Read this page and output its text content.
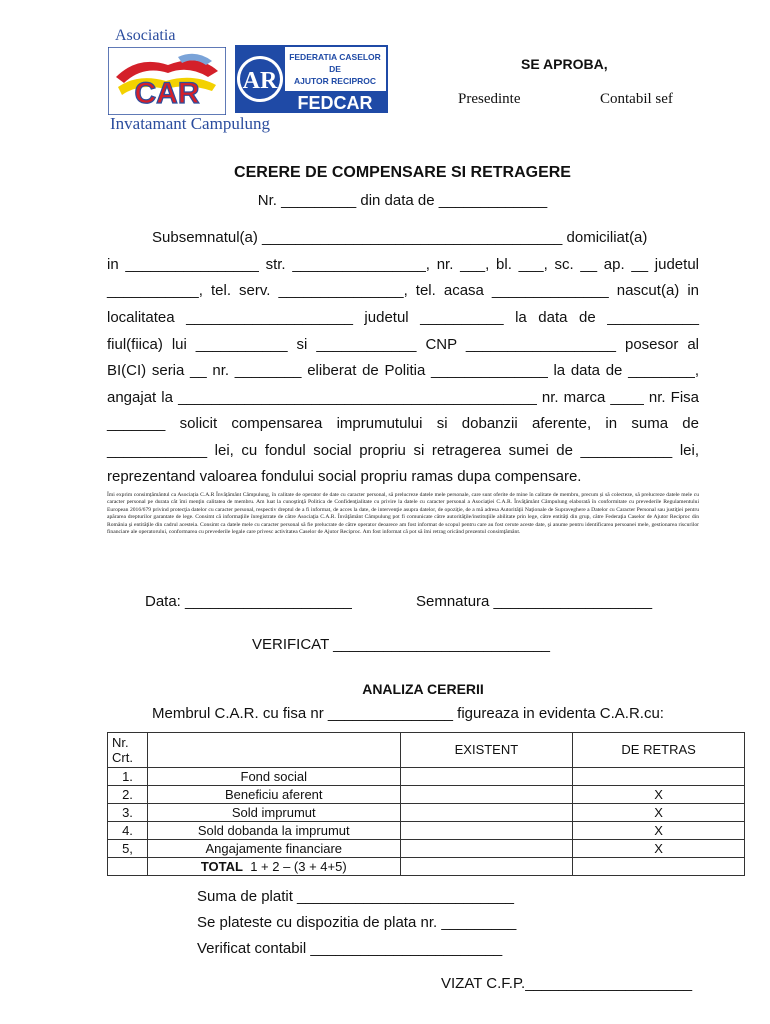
Asociatia
CAR AR
FEDERATIA CASELOR
DE
AJUTOR RECIPROC
FEDCAR
Invatamant Campulung
SE APROBA,
Presedinte	Contabil sef
CERERE DE COMPENSARE SI RETRAGERE
Nr. _________ din data de _____________
Subsemnatul(a) ____________________________________ domiciliat(a)
in ________________ str. ________________, nr. ___, bl. ___, sc. __ ap. __ judetul
___________, tel. serv. _______________, tel. acasa ______________ nascut(a) in
localitatea ____________________ judetul __________ la data de ___________
fiul(fiica) lui ___________ si ____________ CNP __________________ posesor al
BI(CI) seria __ nr. ________ eliberat de Politia ______________ la data de ________,
angajat la ___________________________________________ nr. marca ____ nr. Fisa
_______ solicit compensarea imprumutului si dobanzii aferente, in suma de
____________ lei, cu fondul social propriu si retragerea sumei de ___________ lei,
reprezentand valoarea fondului social propriu ramas dupa compensare.
Îmi exprim consimțământul ca Asociația C.A.R Învățământ Câmpulung, în calitate de operator de date cu caracter personal, să prelucreze datele mele personale, care sunt oferite de mine în calitate de membru, precum și să colecteze, să prelucreze datele mele cu caracter personal pe durata cât îmi menţin calitatea de membru. Am luat la cunoştinţă Politica de Confidenţialitate cu privire la datele cu caracter personal a Asociaţiei C.A.R. Învăţământ Câmpulung elaborată în conformitate cu prevederile Regulamentului European 2016/679 privind protecţia datelor cu caracter personal, respectiv dreptul de a fi informat, de acces la date, de intervenţie asupra datelor, de opoziţie, de a mă adresa Autorităţii Naţionale de Supraveghere a Datelor cu Caracter Personal sau justiţiei pentru apărarea drepturilor garantate de lege. Consimt că informaţiile înregistrate de către Asociaţia C.A.R. Învăţământ Câmpulung pot fi comunicate către autorităţile/instituţiile abilitate prin lege, către entităţi din grup, către Federaţia Caselor de Ajutor Reciproc din România şi entităţile din cadrul acesteia. Consimt ca datele mele cu caracter personal să fie prelucrate de către operator deoarece am fost informat de scopul pentru care au fost cerute aceste date, şi anume pentru identificarea persoanei mele, gestionarea riscurilor financiare ale operatorului, conformarea cu prevederile legale care privesc activitatea Caselor de Ajutor Reciproc. Am fost informat că pot să îmi retrag oricând prezentul consimţământ.
Data: ____________________	Semnatura ___________________
VERIFICAT __________________________
ANALIZA CERERII
Membrul C.A.R. cu fisa nr _______________ figureaza in evidenta C.A.R.cu:
Nr. Crt.		EXISTENT	DE RETRAS
1.	Fond social		
2.	Beneficiu aferent		X
3.	Sold imprumut		X
4.	Sold dobanda la imprumut		X
5,	Angajamente financiare		X
	TOTAL 1 + 2 – (3 + 4+5)		
Suma de platit __________________________
Se plateste cu dispozitia de plata nr. _________
Verificat contabil _______________________
VIZAT C.F.P.____________________
